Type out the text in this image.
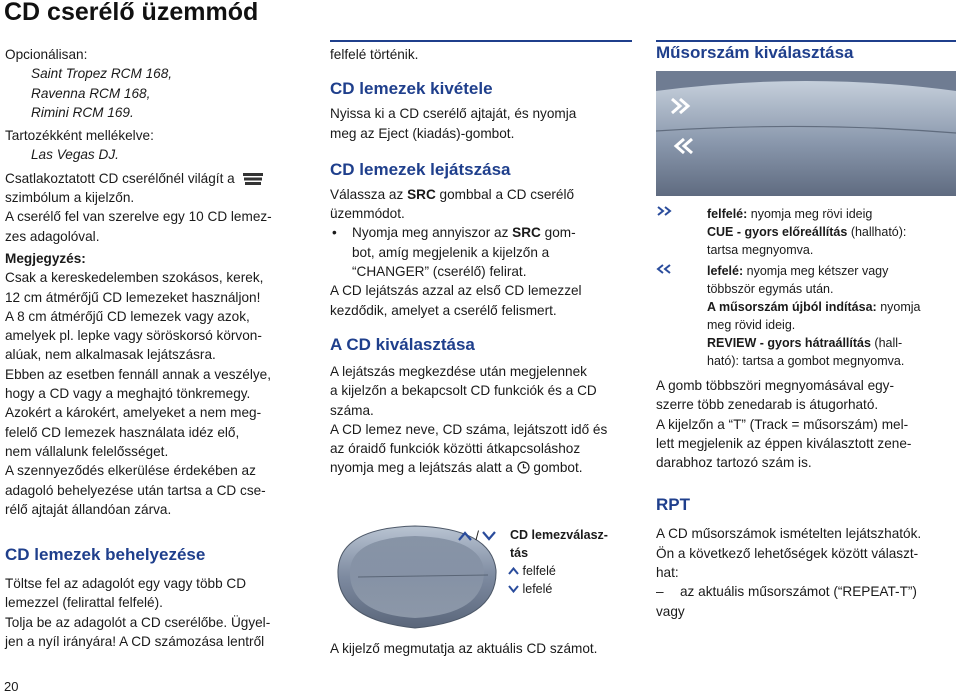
CD cserélő üzemmód

Opcionálisan:

Saint Tropez RCM 168,

Ravenna RCM 168,

Rimini RCM 169.

Tartozékként mellékelve:

Las Vegas DJ.

Csatlakoztatott CD cserélőnél világít a

szimbólum a kijelzőn.

A cserélő fel van szerelve egy 10 CD lemez-

zes adagolóval.

Megjegyzés:

Csak a kereskedelemben szokásos, kerek,

12 cm átmérőjű CD lemezeket használjon!

A 8 cm átmérőjű CD lemezek vagy azok,

amelyek pl. lepke vagy söröskorsó körvon-

alúak, nem alkalmasak lejátszásra.

Ebben az esetben fennáll annak a veszélye,

hogy a CD vagy a meghajtó tönkremegy.

Azokért a károkért, amelyeket a nem meg-

felelő CD lemezek használata idéz elő,

nem vállalunk felelősséget.

A szennyeződés elkerülése érdekében az

adagoló behelyezése után tartsa a CD cse-

rélő ajtaját állandóan zárva.

CD lemezek behelyezése

Töltse fel az adagolót egy vagy több CD

lemezzel (felirattal felfelé).

Tolja be az adagolót a CD cserélőbe. Ügyel-

jen a nyíl irányára! A CD számozása lentről

20

felfelé történik.

CD lemezek kivétele

Nyissa ki a CD cserélő ajtaját, és nyomja

meg az Eject (kiadás)-gombot.

CD lemezek lejátszása

Válassza az SRC gombbal a CD cserélő

üzemmódot.

• Nyomja meg annyiszor az SRC gom-

bot, amíg megjelenik a kijelzőn a

“CHANGER” (cserélő) felirat.

A CD lejátszás azzal az első CD lemezzel

kezdődik, amelyet a cserélő felismert.

A CD kiválasztása

A lejátszás megkezdése után megjelennek

a kijelzőn a bekapcsolt CD funkciók és a CD

száma.

A CD lemez neve, CD száma, lejátszott idő és

az óraidő funkciók közötti átkapcsoláshoz

nyomja meg a lejátszás alatt a gombot.

/	CD lemezválasz-
tás
felfelé
lefelé
A kijelző megmutatja az aktuális CD számot.
Műsorszám kiválasztása
felfelé: nyomja meg rövi ideig
CUE - gyors előreállítás (hallható):
tartsa megnyomva.
lefelé: nyomja meg kétszer vagy
többször egymás után.
A műsorszám újból indítása: nyomja
meg rövid ideig.
REVIEW - gyors hátraállítás (hall-
ható): tartsa a gombot megnyomva.

A gomb többszöri megnyomásával egy-

szerre több zenedarab is átugorható.

A kijelzőn a “T” (Track = műsorszám) mel-

lett megjelenik az éppen kiválasztott zene-

darabhoz tartozó szám is.

RPT

A CD műsorszámok ismételten lejátszhatók.

Ön a következő lehetőségek között választ-

hat:

– az aktuális műsorszámot (“REPEAT-T”)

vagy
